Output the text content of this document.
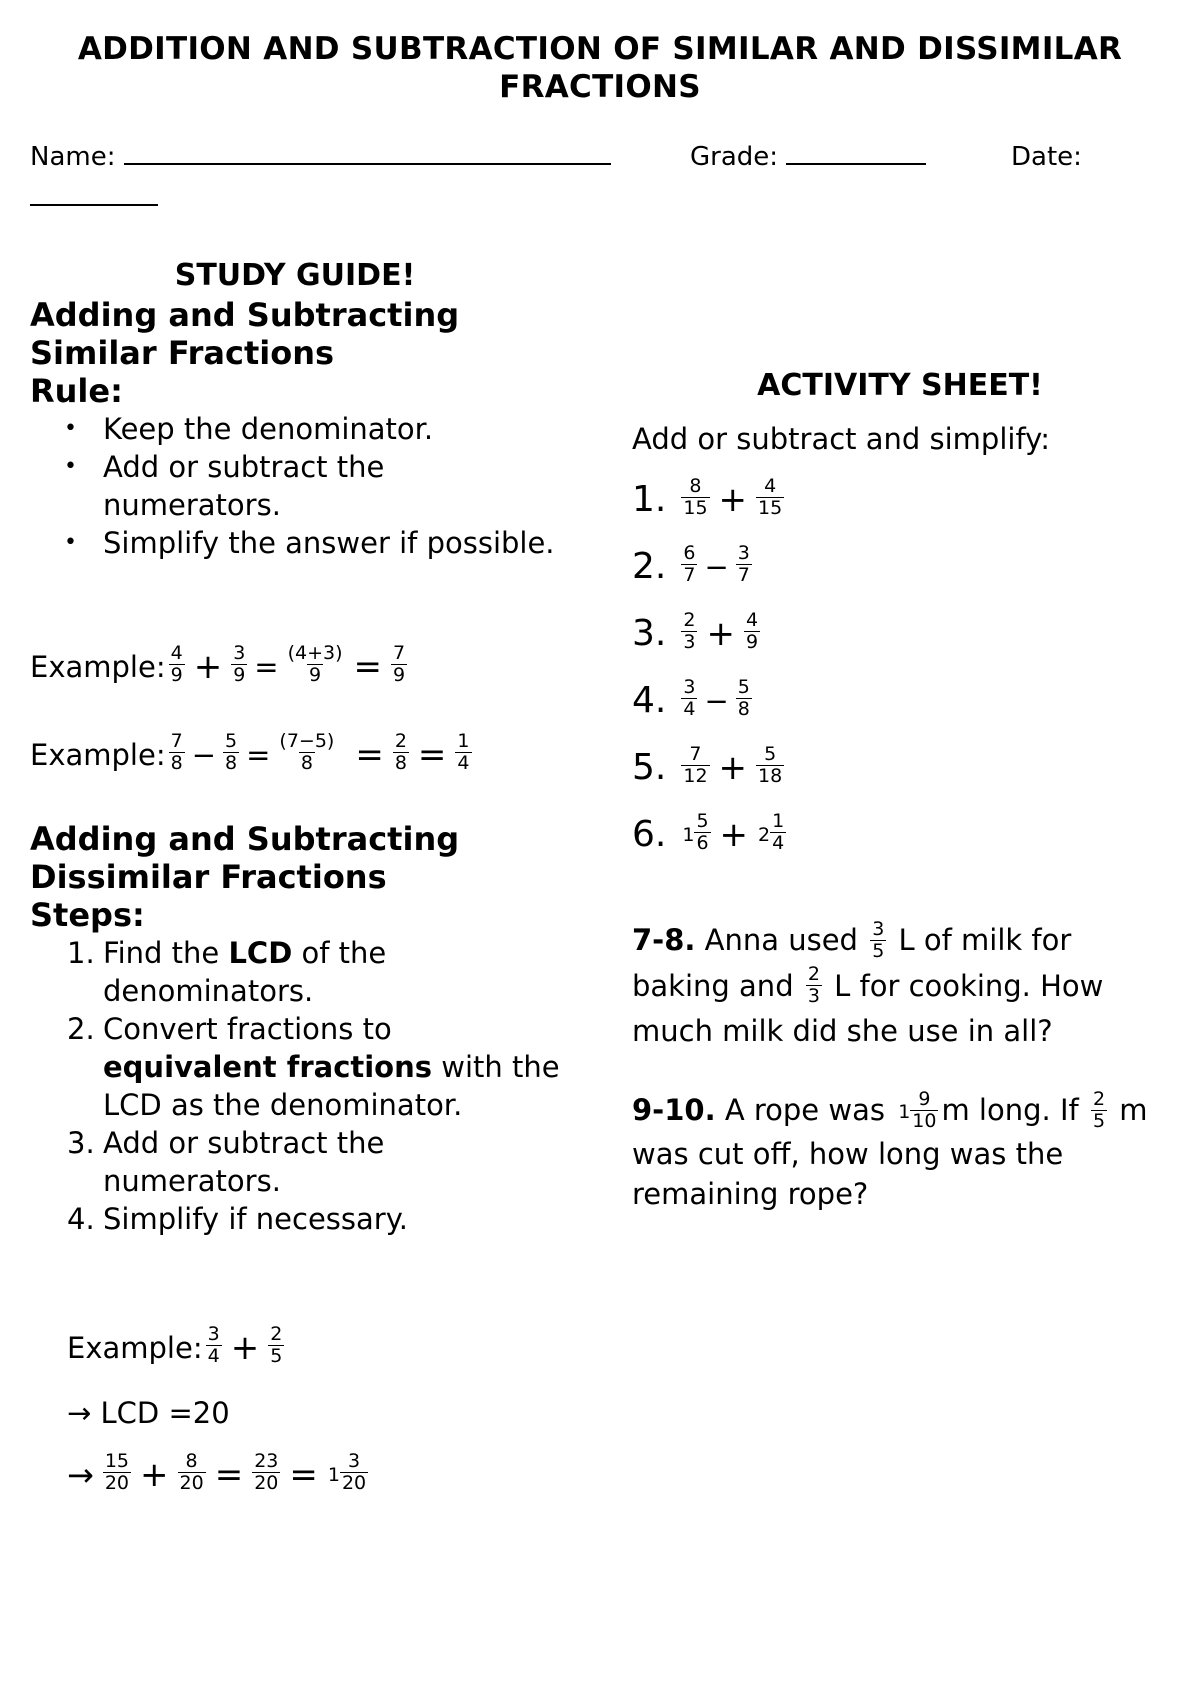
ADDITION AND SUBTRACTION OF SIMILAR AND DISSIMILAR FRACTIONS
Name:	Grade:	Date:
STUDY GUIDE!
Adding and Subtracting
Similar Fractions
Rule:
• Keep the denominator.
• Add or subtract the numerators.
• Simplify the answer if possible.
Example: $\frac{4}{9} + \frac{3}{9} = \frac{(4+3)}{9} = \frac{7}{9}$
Example: $\frac{7}{8} - \frac{5}{8} = \frac{(7-5)}{8} = \frac{2}{8} = \frac{1}{4}$
Adding and Subtracting
Dissimilar Fractions
Steps:
1. Find the LCD of the denominators.
2. Convert fractions to equivalent fractions with the LCD as the denominator.
3. Add or subtract the numerators.
4. Simplify if necessary.
Example: $\frac{3}{4} + \frac{2}{5}$
→ LCD =20
→ $\frac{15}{20} + \frac{8}{20} = \frac{23}{20} = 1 \frac{3}{20}$
ACTIVITY SHEET!
Add or subtract and simplify:
1. $\frac{8}{15} + \frac{4}{15}$
2. $\frac{6}{7} - \frac{3}{7}$
3. $\frac{2}{3} + \frac{4}{9}$
4. $\frac{3}{4} - \frac{5}{8}$
5. $\frac{7}{12} + \frac{5}{18}$
6. $1 \frac{5}{6} + 2 \frac{1}{4}$
7-8. Anna used $\frac{3}{5}$ L of milk for baking and $\frac{2}{3}$ L for cooking. How much milk did she use in all?
9-10. A rope was $1 \frac{9}{10}$ m long. If $\frac{2}{5}$ m was cut off, how long was the remaining rope?
